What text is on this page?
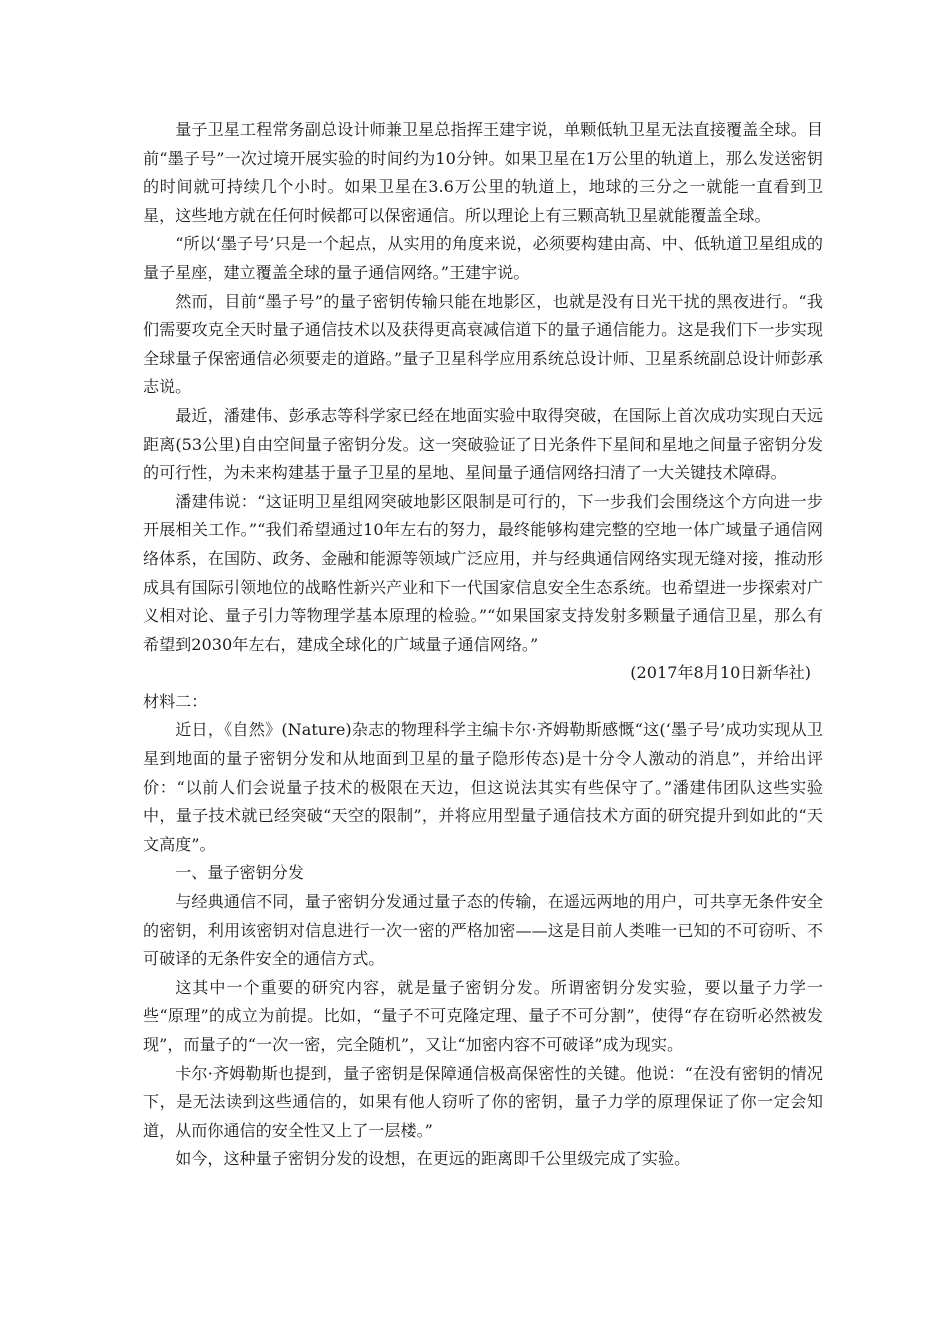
量子卫星工程常务副总设计师兼卫星总指挥王建宇说，单颗低轨卫星无法直接覆盖全球。目前“墨子号”一次过境开展实验的时间约为10分钟。如果卫星在1万公里的轨道上，那么发送密钥的时间就可持续几个小时。如果卫星在3.6万公里的轨道上，地球的三分之一就能一直看到卫星，这些地方就在任何时候都可以保密通信。所以理论上有三颗高轨卫星就能覆盖全球。

“所以‘墨子号’只是一个起点，从实用的角度来说，必须要构建由高、中、低轨道卫星组成的量子星座，建立覆盖全球的量子通信网络。”王建宇说。

然而，目前“墨子号”的量子密钥传输只能在地影区，也就是没有日光干扰的黑夜进行。“我们需要攻克全天时量子通信技术以及获得更高衰减信道下的量子通信能力。这是我们下一步实现全球量子保密通信必须要走的道路。”量子卫星科学应用系统总设计师、卫星系统副总设计师彭承志说。

最近，潘建伟、彭承志等科学家已经在地面实验中取得突破，在国际上首次成功实现白天远距离(53公里)自由空间量子密钥分发。这一突破验证了日光条件下星间和星地之间量子密钥分发的可行性，为未来构建基于量子卫星的星地、星间量子通信网络扫清了一大关键技术障碍。

潘建伟说：“这证明卫星组网突破地影区限制是可行的，下一步我们会围绕这个方向进一步开展相关工作。”“我们希望通过10年左右的努力，最终能够构建完整的空地一体广域量子通信网络体系，在国防、政务、金融和能源等领域广泛应用，并与经典通信网络实现无缝对接，推动形成具有国际引领地位的战略性新兴产业和下一代国家信息安全生态系统。也希望进一步探索对广义相对论、量子引力等物理学基本原理的检验。”“如果国家支持发射多颗量子通信卫星，那么有希望到2030年左右，建成全球化的广域量子通信网络。”

(2017年8月10日新华社)

材料二：

近日，《自然》(Nature)杂志的物理科学主编卡尔·齐姆勒斯感慨“这(‘墨子号’成功实现从卫星到地面的量子密钥分发和从地面到卫星的量子隐形传态)是十分令人激动的消息”，并给出评价：“以前人们会说量子技术的极限在天边，但这说法其实有些保守了。”潘建伟团队这些实验中，量子技术就已经突破“天空的限制”，并将应用型量子通信技术方面的研究提升到如此的“天文高度”。

一、量子密钥分发

与经典通信不同，量子密钥分发通过量子态的传输，在遥远两地的用户，可共享无条件安全的密钥，利用该密钥对信息进行一次一密的严格加密——这是目前人类唯一已知的不可窃听、不可破译的无条件安全的通信方式。

这其中一个重要的研究内容，就是量子密钥分发。所谓密钥分发实验，要以量子力学一些“原理”的成立为前提。比如，“量子不可克隆定理、量子不可分割”，使得“存在窃听必然被发现”，而量子的“一次一密，完全随机”，又让“加密内容不可破译”成为现实。

卡尔·齐姆勒斯也提到，量子密钥是保障通信极高保密性的关键。他说：“在没有密钥的情况下，是无法读到这些通信的，如果有他人窃听了你的密钥，量子力学的原理保证了你一定会知道，从而你通信的安全性又上了一层楼。”

如今，这种量子密钥分发的设想，在更远的距离即千公里级完成了实验。
